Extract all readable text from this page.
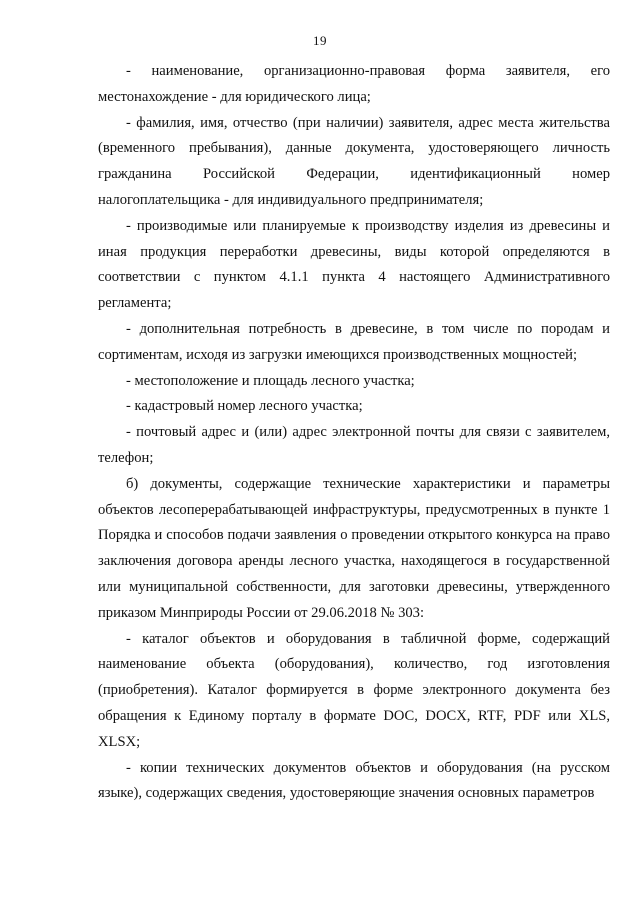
19

- наименование, организационно-правовая форма заявителя, его местонахождение - для юридического лица;

- фамилия, имя, отчество (при наличии) заявителя, адрес места жительства (временного пребывания), данные документа, удостоверяющего личность гражданина Российской Федерации, идентификационный номер налогоплательщика - для индивидуального предпринимателя;

- производимые или планируемые к производству изделия из древесины и иная продукция переработки древесины, виды которой определяются в соответствии с пунктом 4.1.1 пункта 4 настоящего Административного регламента;

- дополнительная потребность в древесине, в том числе по породам и сортиментам, исходя из загрузки имеющихся производственных мощностей;

- местоположение и площадь лесного участка;

- кадастровый номер лесного участка;

- почтовый адрес и (или) адрес электронной почты для связи с заявителем, телефон;

б) документы, содержащие технические характеристики и параметры объектов лесоперерабатывающей инфраструктуры, предусмотренных в пункте 1 Порядка и способов подачи заявления о проведении открытого конкурса на право заключения договора аренды лесного участка, находящегося в государственной или муниципальной собственности, для заготовки древесины, утвержденного приказом Минприроды России от 29.06.2018 № 303:

- каталог объектов и оборудования в табличной форме, содержащий наименование объекта (оборудования), количество, год изготовления (приобретения). Каталог формируется в форме электронного документа без обращения к Единому порталу в формате DOC, DOCX, RTF, PDF или XLS, XLSX;

- копии технических документов объектов и оборудования (на русском языке), содержащих сведения, удостоверяющие значения основных параметров
